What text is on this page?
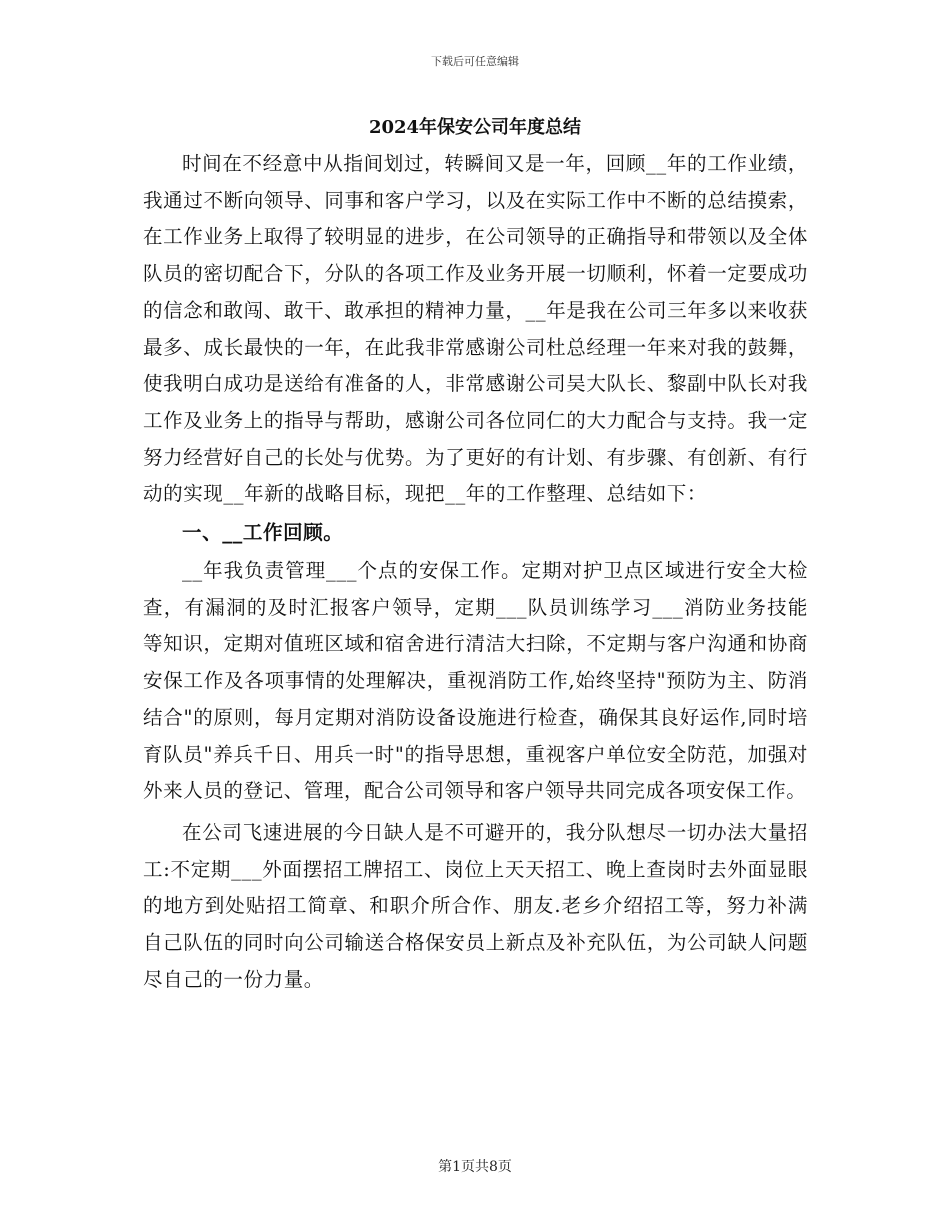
下载后可任意编辑
2024年保安公司年度总结

时间在不经意中从指间划过，转瞬间又是一年，回顾__年的工作业绩，我通过不断向领导、同事和客户学习，以及在实际工作中不断的总结摸索，在工作业务上取得了较明显的进步，在公司领导的正确指导和带领以及全体队员的密切配合下，分队的各项工作及业务开展一切顺利，怀着一定要成功的信念和敢闯、敢干、敢承担的精神力量，__年是我在公司三年多以来收获最多、成长最快的一年，在此我非常感谢公司杜总经理一年来对我的鼓舞，使我明白成功是送给有准备的人，非常感谢公司吴大队长、黎副中队长对我工作及业务上的指导与帮助，感谢公司各位同仁的大力配合与支持。我一定努力经营好自己的长处与优势。为了更好的有计划、有步骤、有创新、有行动的实现__年新的战略目标，现把__年的工作整理、总结如下：

一、__工作回顾。

__年我负责管理___个点的安保工作。定期对护卫点区域进行安全大检查，有漏洞的及时汇报客户领导，定期___队员训练学习___消防业务技能等知识，定期对值班区域和宿舍进行清洁大扫除，不定期与客户沟通和协商安保工作及各项事情的处理解决，重视消防工作,始终坚持"预防为主、防消结合"的原则，每月定期对消防设备设施进行检查，确保其良好运作,同时培育队员"养兵千日、用兵一时"的指导思想，重视客户单位安全防范，加强对外来人员的登记、管理，配合公司领导和客户领导共同完成各项安保工作。

在公司飞速进展的今日缺人是不可避开的，我分队想尽一切办法大量招工:不定期___外面摆招工牌招工、岗位上天天招工、晚上查岗时去外面显眼的地方到处贴招工简章、和职介所合作、朋友.老乡介绍招工等，努力补满自己队伍的同时向公司输送合格保安员上新点及补充队伍，为公司缺人问题尽自己的一份力量。

第1页共8页
